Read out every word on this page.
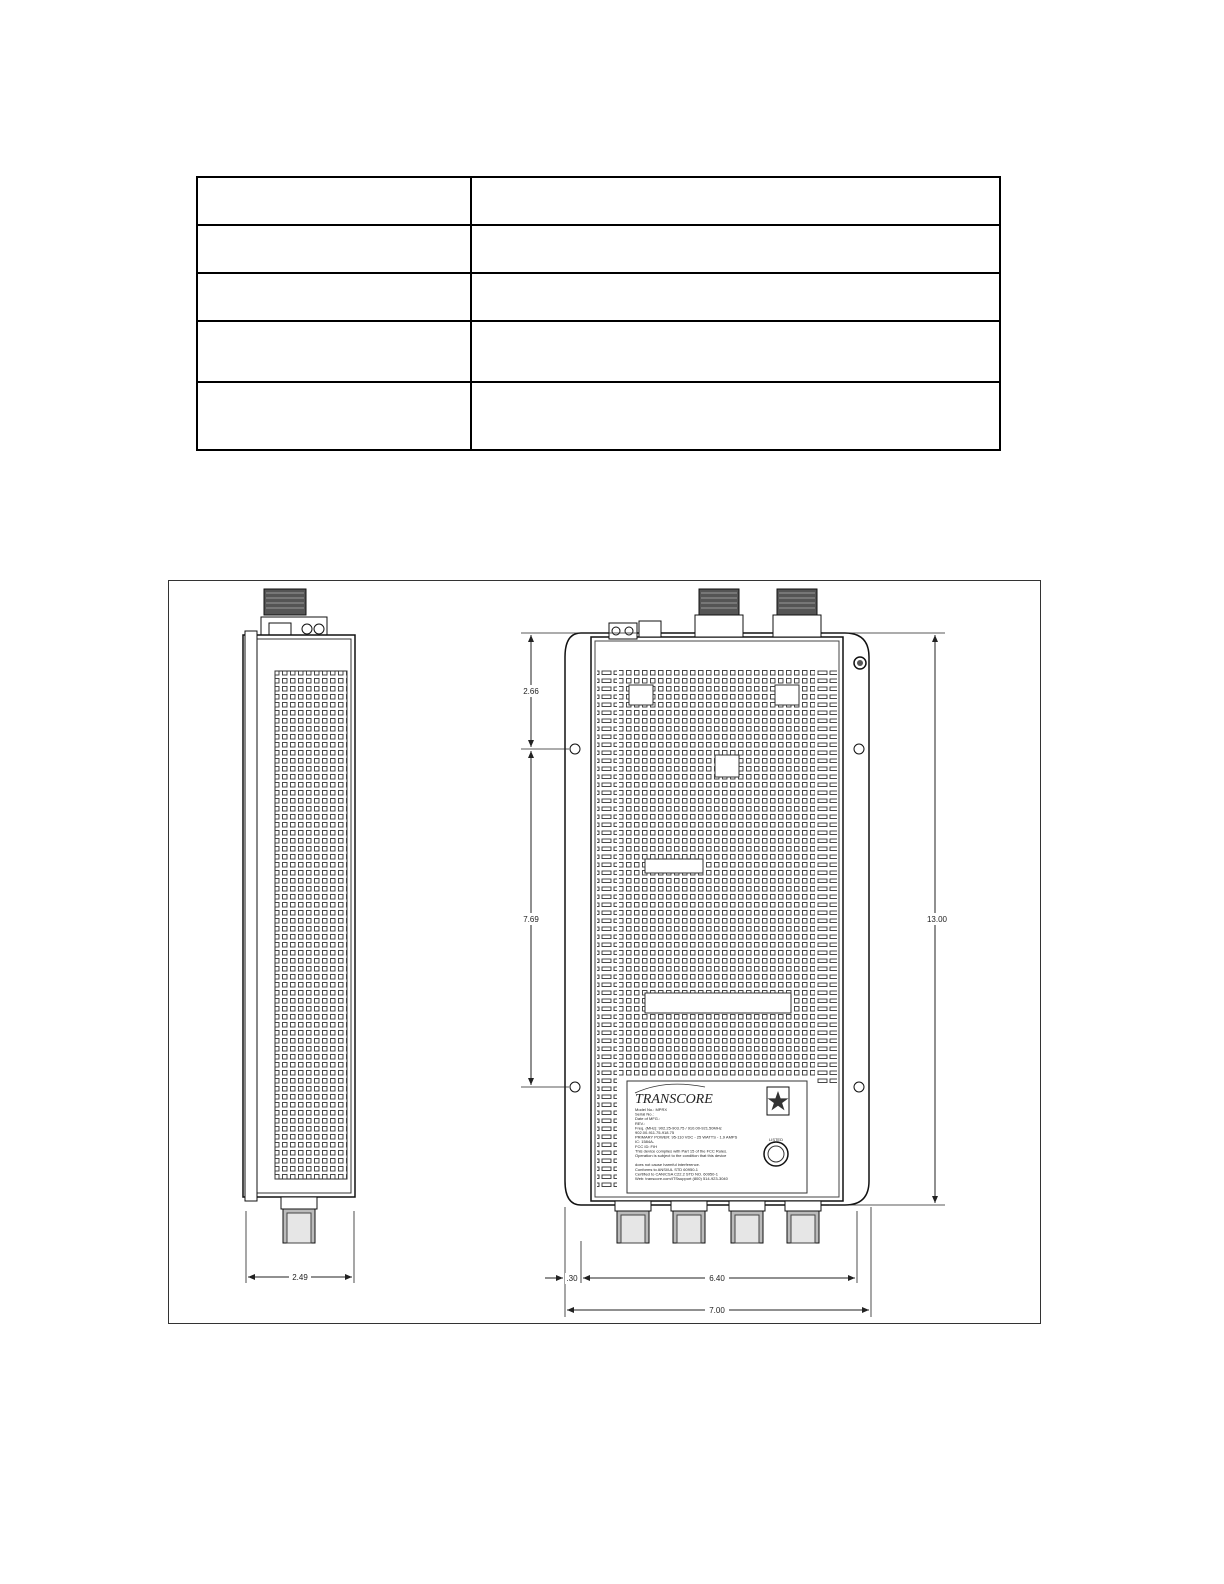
2.49
TRANSCORE
Model No.: MPRX
Serial No.:
Date of MFG.:
REV.:
Freq. (MHz): 902.25-903.75 / 910.00-921.50MHz
902.00-911.75-918.75
PRIMARY POWER: 95-110 VDC - 25 WATTS - 1.9 AMPS
IC: 1584A-
FCC ID: FIH
This device complies with Part 15 of the FCC Rules.
Operation is subject to the condition that this device
does not cause harmful interference.
Conforms to ANSI/UL STD 60950-1
Certified to CAN/CSA C22.2 STD NO. 60950-1
Web: transcore.com/ITSsupport (800) 514-923-3040
LISTED
2.66
7.69	13.00
.30	6.40
7.00
